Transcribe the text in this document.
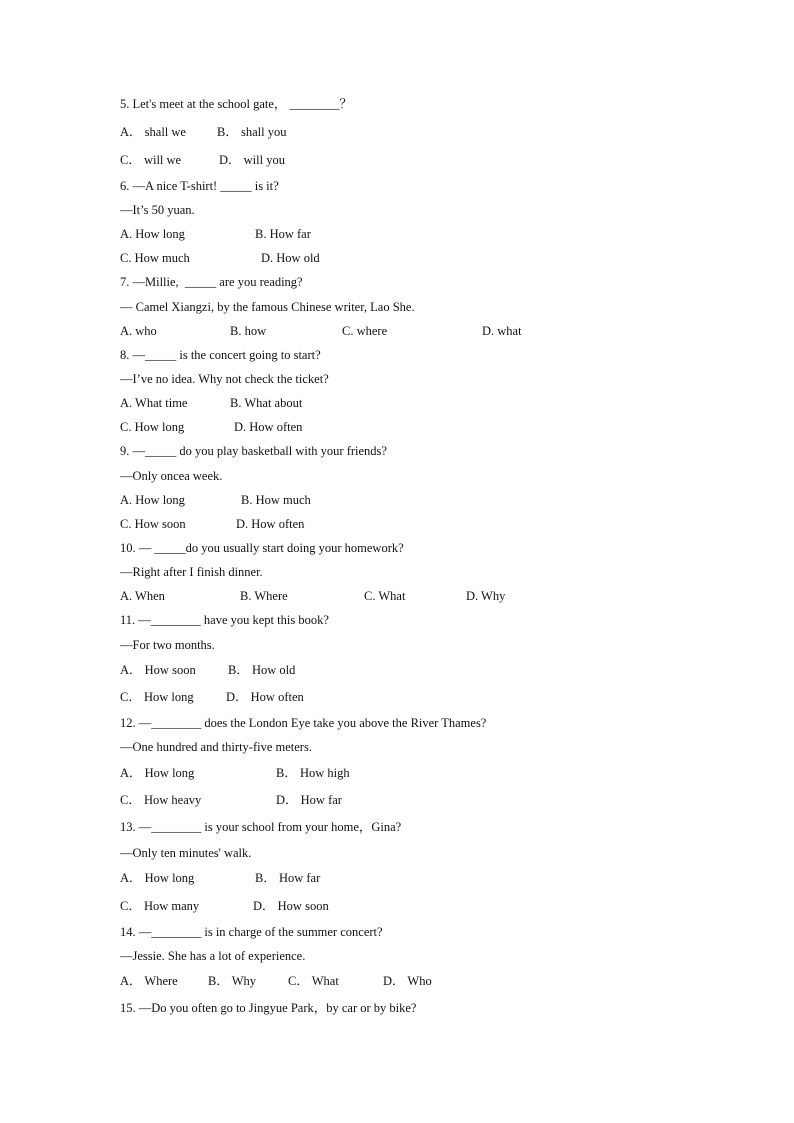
5. Let's meet at the school gate， ________？
A． shall we B． shall you
C． will we	D． will you
6. —A nice T-shirt! _____ is it?
—It’s 50 yuan.
A. How long	B. How far
C. How much	D. How old
7. —Millie,  _____ are you reading?
— Camel Xiangzi, by the famous Chinese writer, Lao She.
A. who	B. how	C. where	D. what
8. —_____ is the concert going to start?
—I’ve no idea. Why not check the ticket?
A. What time	B. What about
C. How long	D. How often
9. —_____ do you play basketball with your friends?
—Only oncea week.
A. How long	B. How much
C. How soon	D. How often
10. — _____do you usually start doing your homework?
—Right after I finish dinner.
A. When	B. Where	C. What	D. Why
11. —________ have you kept this book?
—For two months.
A． How soon	B． How old
C． How long	D． How often
12. —________ does the London Eye take you above the River Thames?
—One hundred and thirty-five meters.
A． How long	B． How high
C． How heavy	D． How far
13. —________ is your school from your home，Gina?
—Only ten minutes' walk.
A． How long	B． How far
C． How many	D． How soon
14. —________ is in charge of the summer concert?
—Jessie. She has a lot of experience.
A． Where B． Why	C． What	D． Who
15. —Do you often go to Jingyue Park，by car or by bike?
